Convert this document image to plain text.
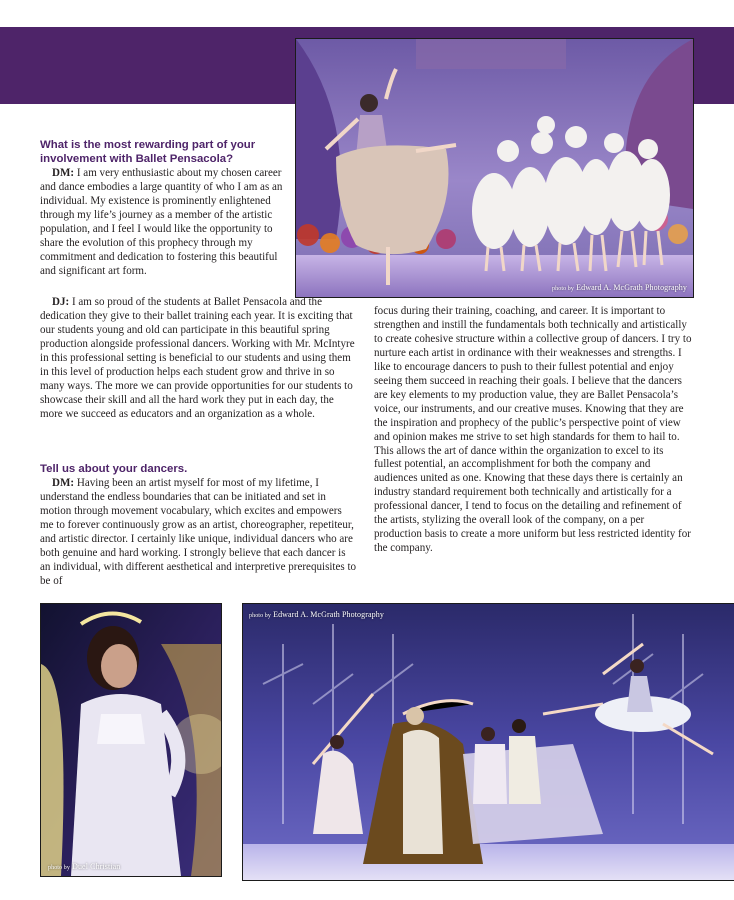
photo by Edward A. McGrath Photography
What is the most rewarding part of your involvement with Ballet Pensacola?

DM: I am very enthusiastic about my chosen career and dance embodies a large quantity of who I am as an individual. My existence is prominently enlightened through my life’s journey as a member of the artistic population, and I feel I would like the opportunity to share the evolution of this prophecy through my commitment and dedication to fostering this beautiful and significant art form.

DJ: I am so proud of the students at Ballet Pensacola and the dedication they give to their ballet training each year. It is exciting that our students young and old can participate in this beautiful spring production alongside professional dancers. Working with Mr. McIntyre in this professional setting is beneficial to our students and using them in this level of production helps each student grow and thrive in so many ways. The more we can provide opportunities for our students to showcase their skill and all the hard work they put in each day, the more we succeed as educators and an organization as a whole.

Tell us about your dancers.

DM: Having been an artist myself for most of my lifetime, I understand the endless boundaries that can be initiated and set in motion through movement vocabulary, which excites and empowers me to forever continuously grow as an artist, choreographer, repetiteur, and artistic director. I certainly like unique, individual dancers who are both genuine and hard working. I strongly believe that each dancer is an individual, with different aesthetical and interpretive prerequisites to be of

focus during their training, coaching, and career. It is important to strengthen and instill the fundamentals both technically and artistically to create cohesive structure within a collective group of dancers. I try to nurture each artist in ordinance with their weaknesses and strengths. I like to encourage dancers to push to their fullest potential and enjoy seeing them succeed in reaching their goals. I believe that the dancers are key elements to my production value, they are Ballet Pensacola’s voice, our instruments, and our creative muses. Knowing that they are the inspiration and prophecy of the public’s perspective point of view and opinion makes me strive to set high standards for them to hail to. This allows the art of dance within the organization to excel to its fullest potential, an accomplishment for both the company and audiences united as one. Knowing that these days there is certainly an industry standard requirement both technically and artistically for a professional dancer, I tend to focus on the detailing and refinement of the artists, stylizing the overall look of the company, on a per production basis to create a more uniform but less restricted identity for the company.

photo by Duel Christian
photo by Edward A. McGrath Photography
